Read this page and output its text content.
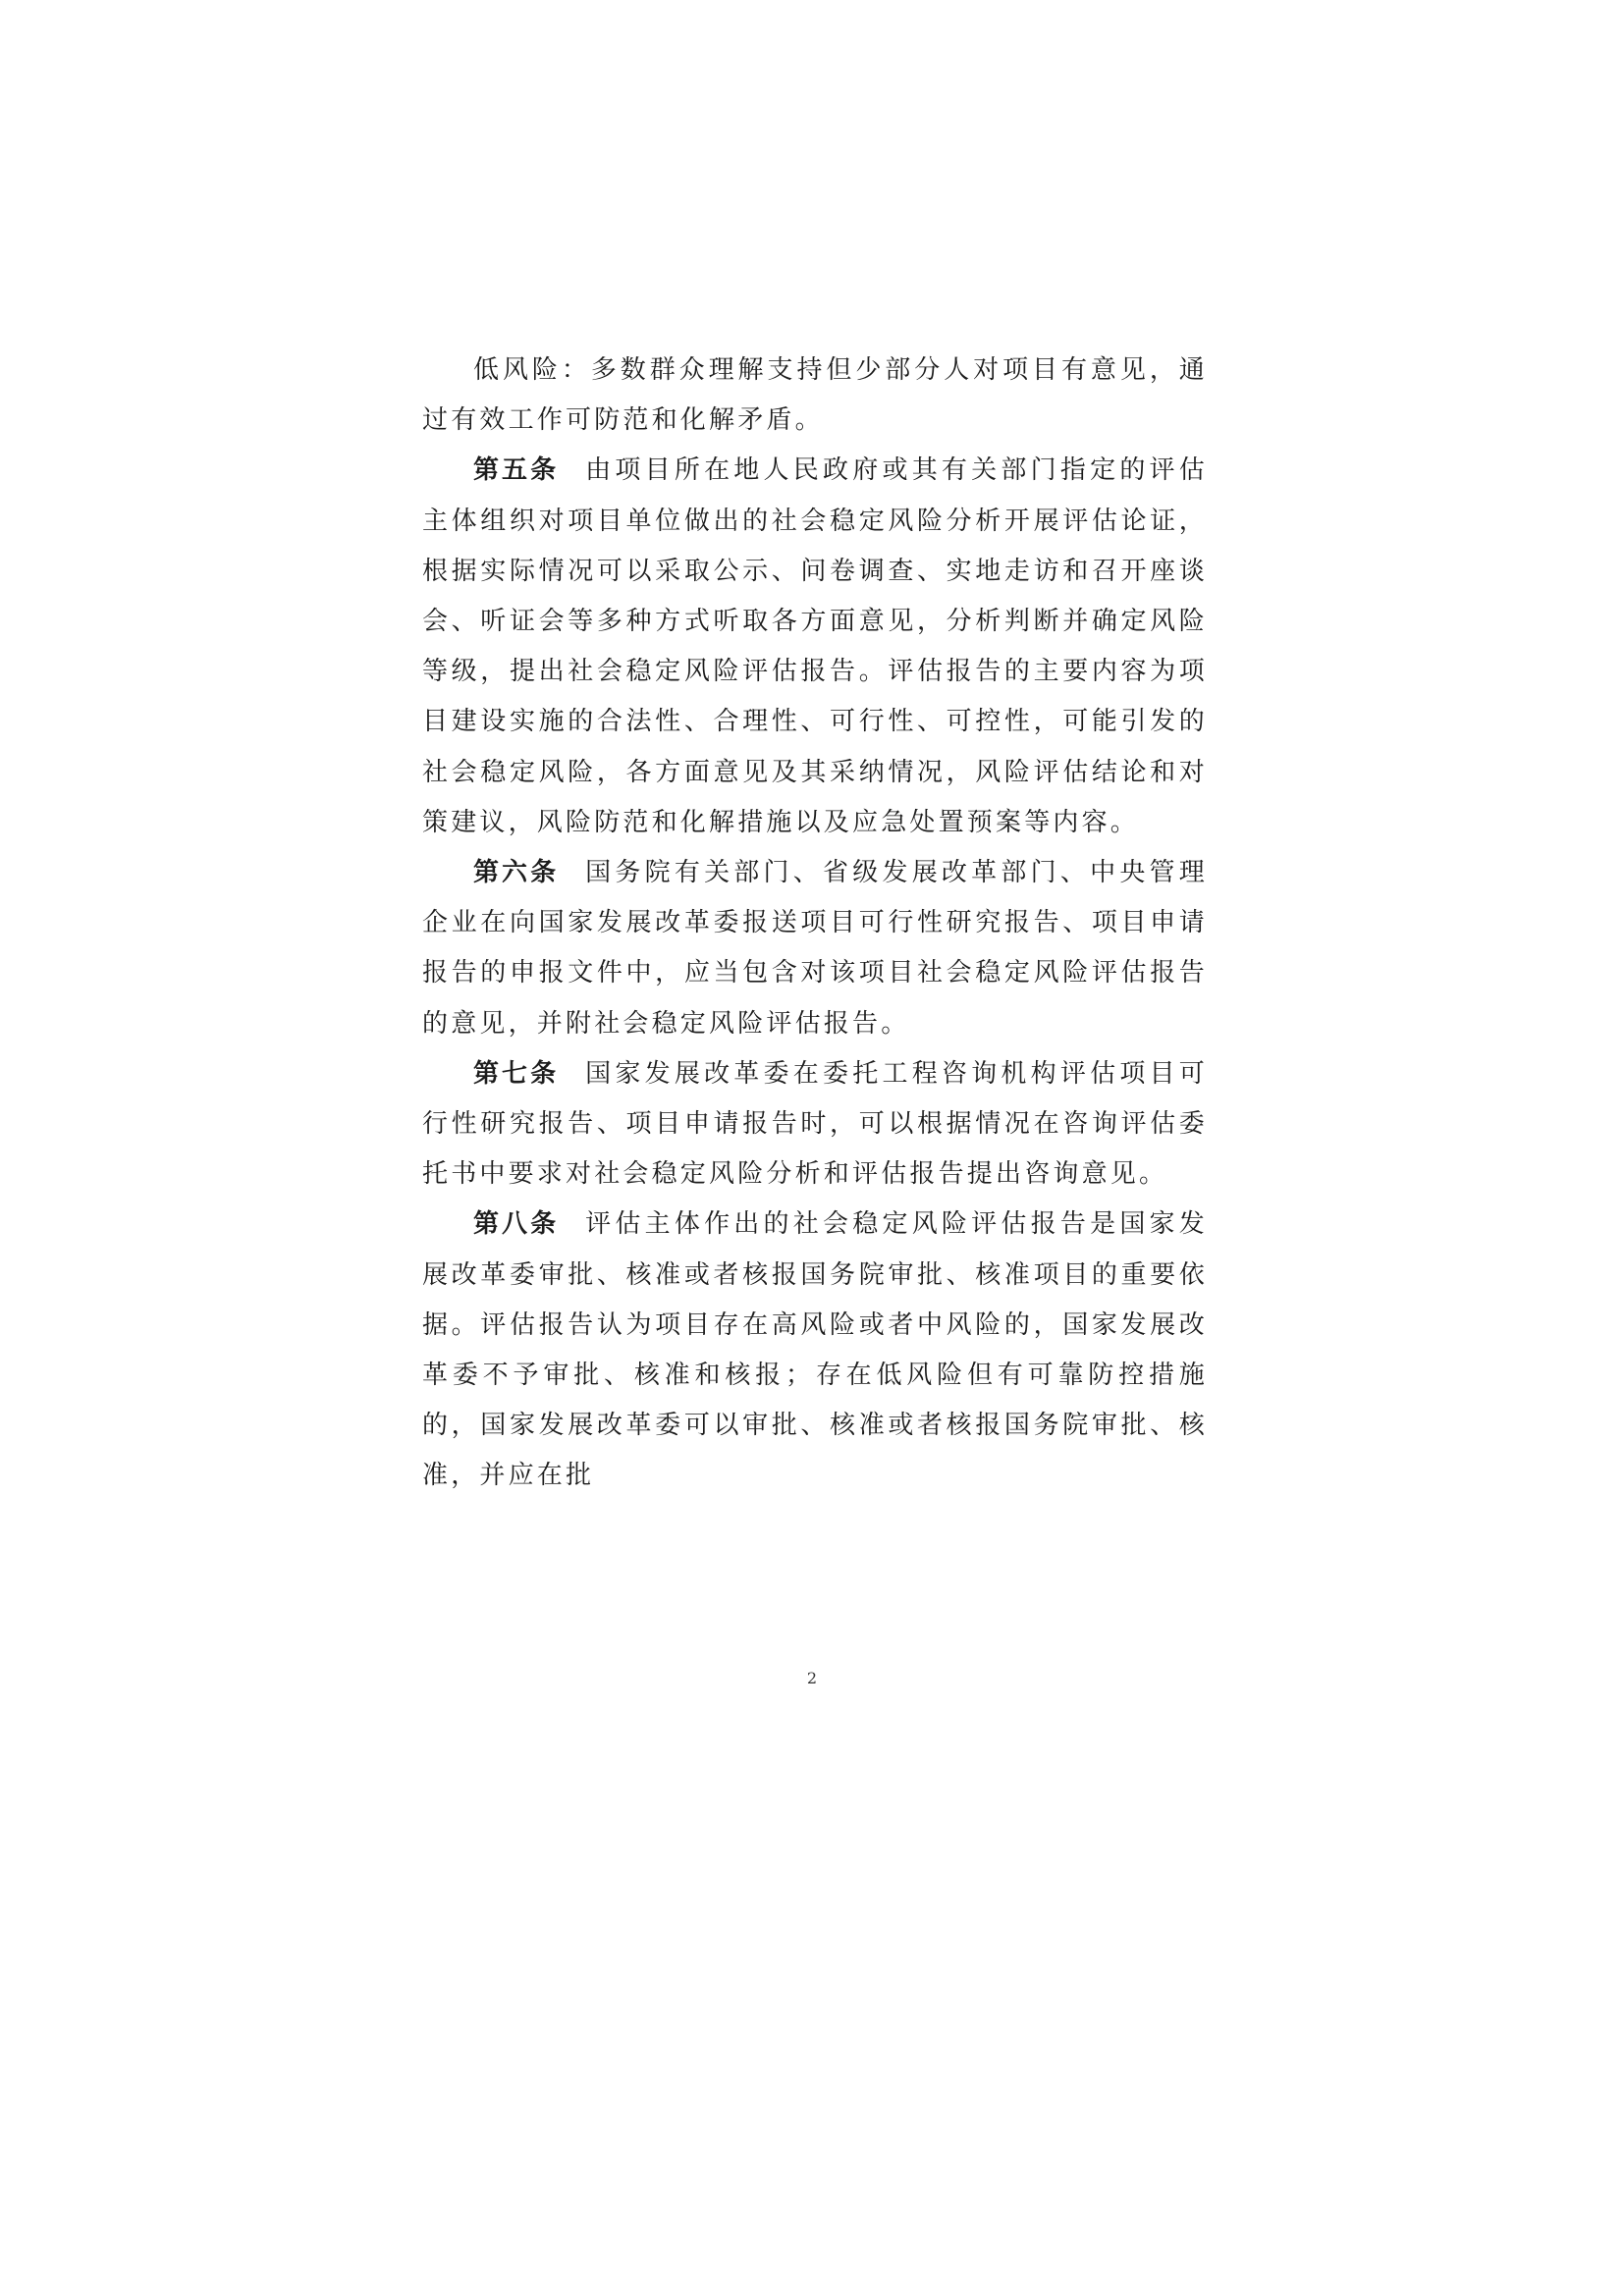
低风险：多数群众理解支持但少部分人对项目有意见，通过有效工作可防范和化解矛盾。

第五条 由项目所在地人民政府或其有关部门指定的评估主体组织对项目单位做出的社会稳定风险分析开展评估论证，根据实际情况可以采取公示、问卷调查、实地走访和召开座谈会、听证会等多种方式听取各方面意见，分析判断并确定风险等级，提出社会稳定风险评估报告。评估报告的主要内容为项目建设实施的合法性、合理性、可行性、可控性，可能引发的社会稳定风险，各方面意见及其采纳情况，风险评估结论和对策建议，风险防范和化解措施以及应急处置预案等内容。

第六条 国务院有关部门、省级发展改革部门、中央管理企业在向国家发展改革委报送项目可行性研究报告、项目申请报告的申报文件中，应当包含对该项目社会稳定风险评估报告的意见，并附社会稳定风险评估报告。

第七条 国家发展改革委在委托工程咨询机构评估项目可行性研究报告、项目申请报告时，可以根据情况在咨询评估委托书中要求对社会稳定风险分析和评估报告提出咨询意见。

第八条 评估主体作出的社会稳定风险评估报告是国家发展改革委审批、核准或者核报国务院审批、核准项目的重要依据。评估报告认为项目存在高风险或者中风险的，国家发展改革委不予审批、核准和核报；存在低风险但有可靠防控措施的，国家发展改革委可以审批、核准或者核报国务院审批、核准，并应在批

2
